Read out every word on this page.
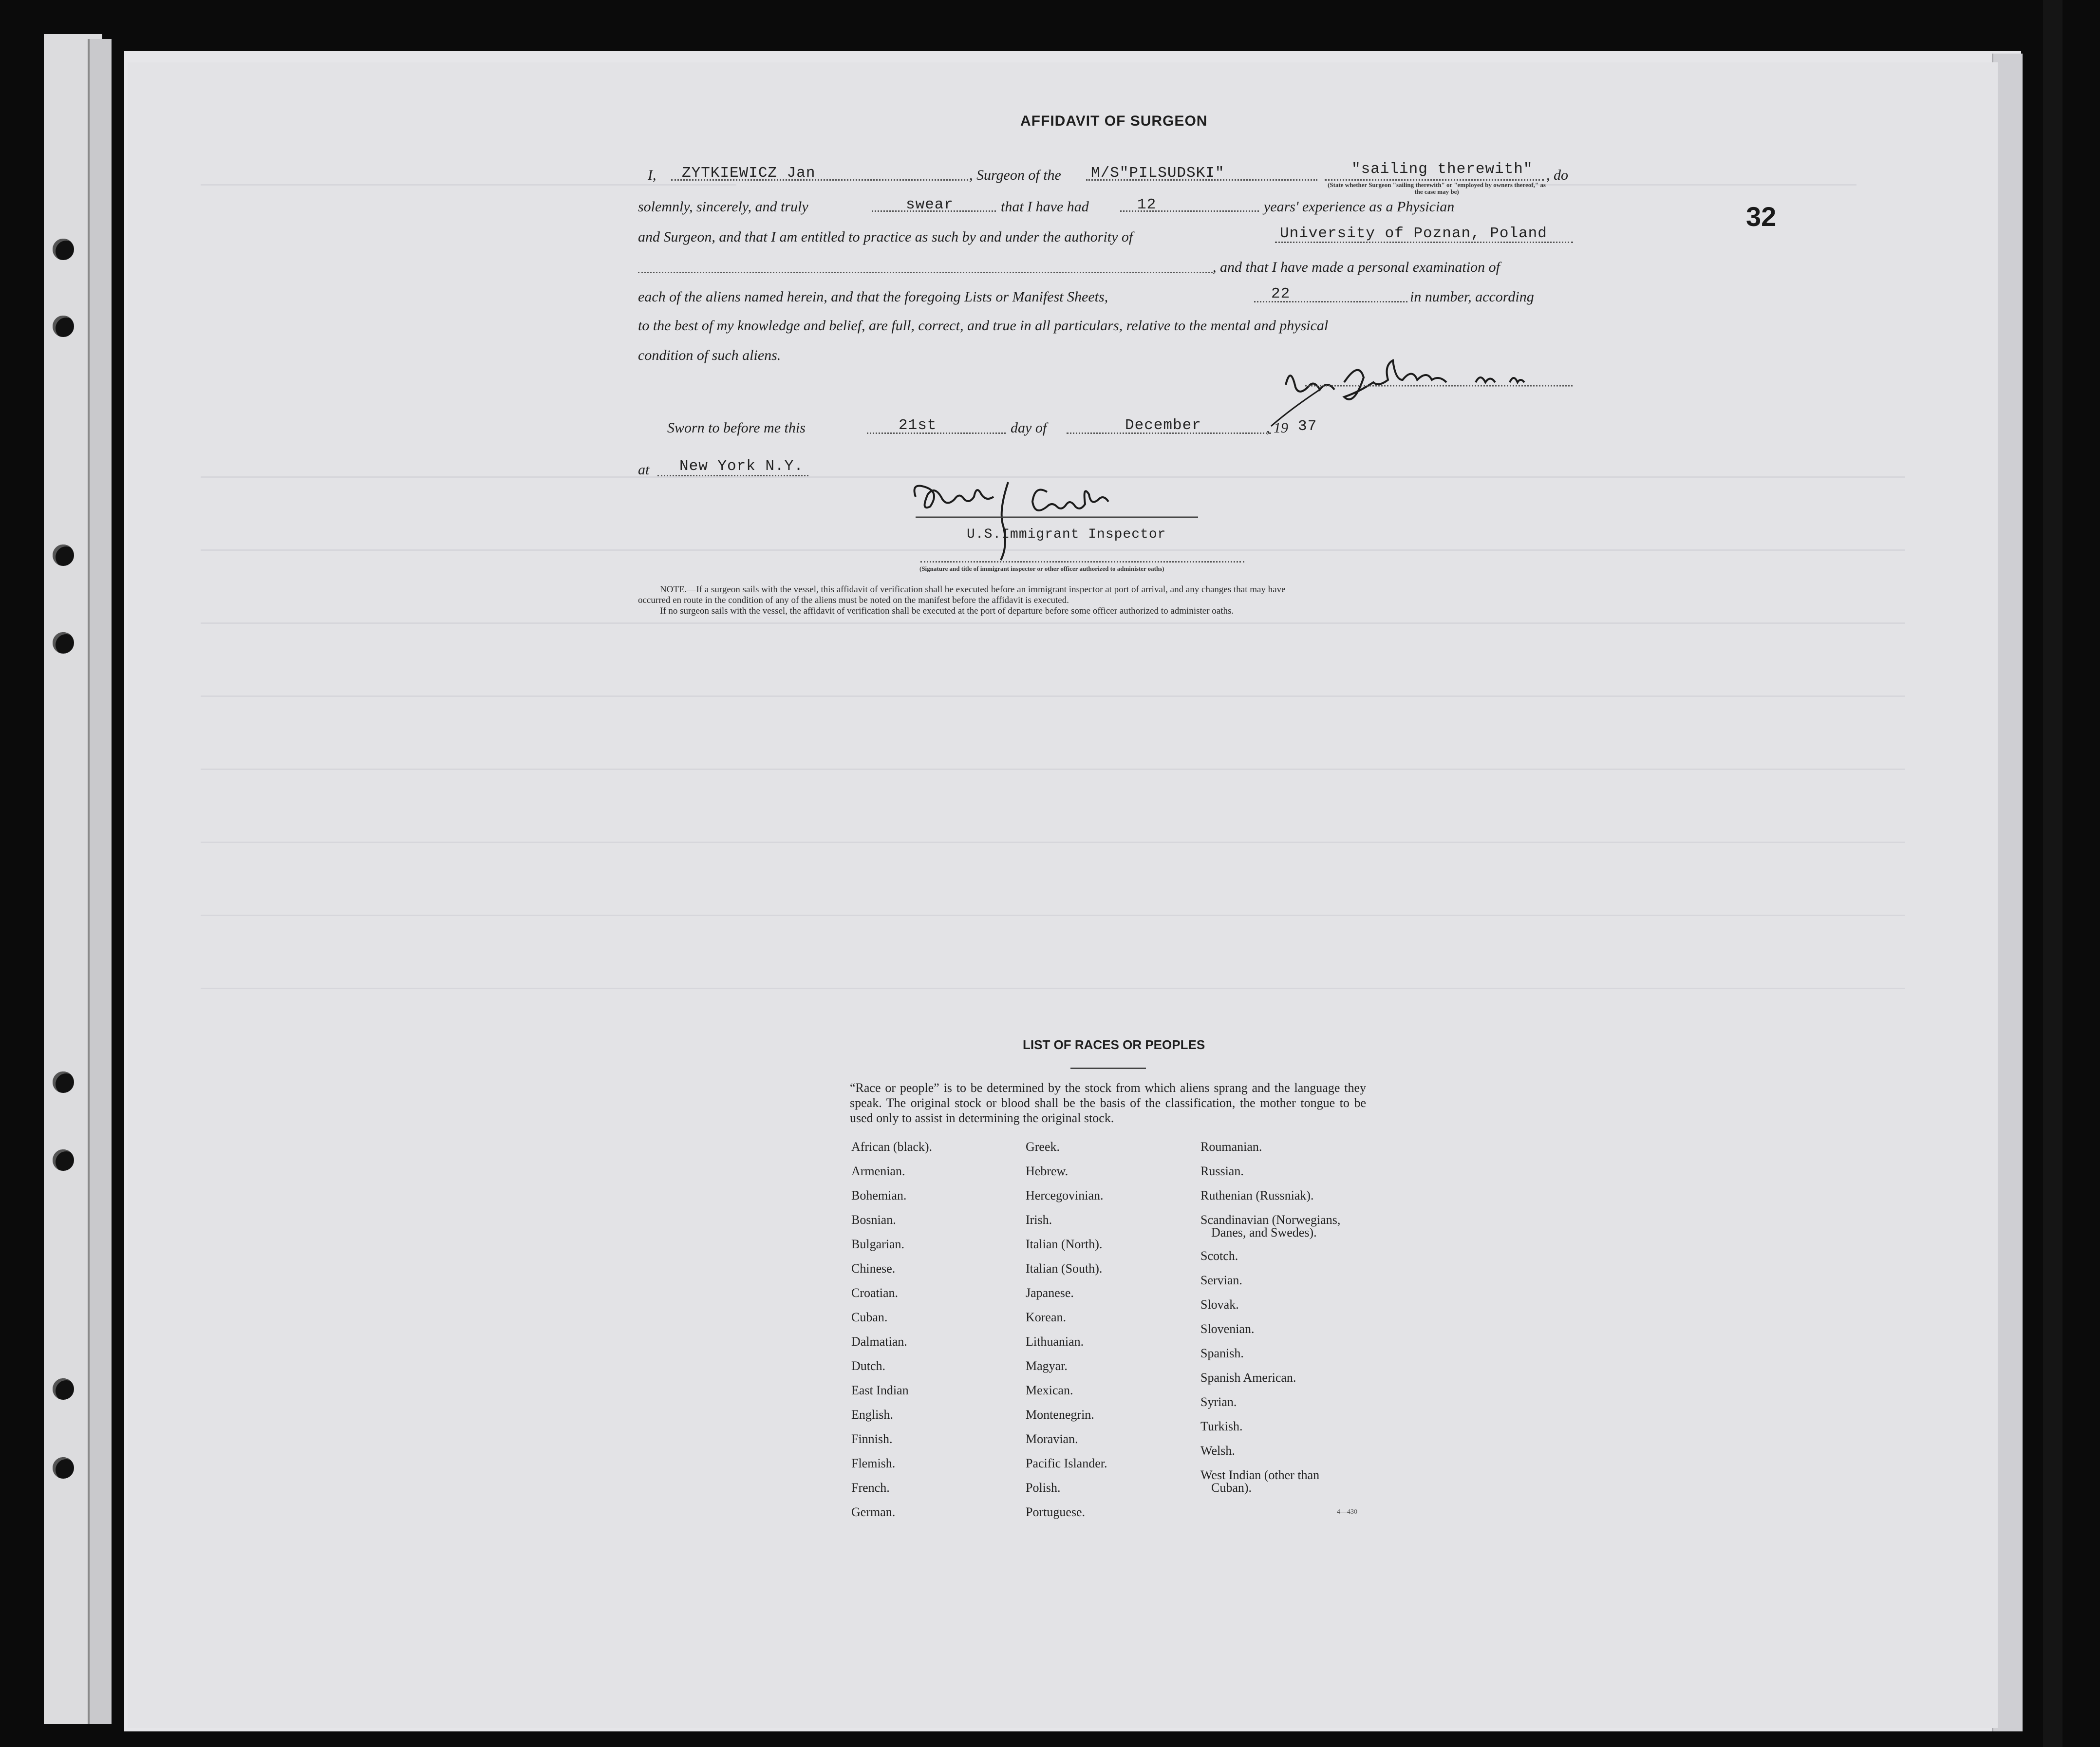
32
AFFIDAVIT OF SURGEON
I, ZYTKIEWICZ Jan	, Surgeon of the M/S"PILSUDSKI"	"sailing therewith" , do
(State whether Surgeon "sailing therewith" or "employed by owners thereof," as the case may be)
solemnly, sincerely, and truly	swear	that I have had	12	years' experience as a Physician
and Surgeon, and that I am entitled to practice as such by and under the authority of	University of Poznan, Poland
, and that I have made a personal examination of
each of the aliens named herein, and that the foregoing Lists or Manifest Sheets,	22	in number, according
to the best of my knowledge and belief, are full, correct, and true in all particulars, relative to the mental and physical
condition of such aliens.
Sworn to before me this	21st	day of	December	, 19 37
at New York N.Y.
U.S.Immigrant Inspector
(Signature and title of immigrant inspector or other officer authorized to administer oaths)
NOTE.—If a surgeon sails with the vessel, this affidavit of verification shall be executed before an immigrant inspector at port of arrival, and any changes that may have
occurred en route in the condition of any of the aliens must be noted on the manifest before the affidavit is executed.
If no surgeon sails with the vessel, the affidavit of verification shall be executed at the port of departure before some officer authorized to administer oaths.
LIST OF RACES OR PEOPLES
“Race or people” is to be determined by the stock from which aliens sprang and the language they speak. The original stock or blood shall be the basis of the classification, the mother tongue to be used only to assist in determining the original stock.
African (black).
Armenian.
Bohemian.
Bosnian.
Bulgarian.
Chinese.
Croatian.
Cuban.
Dalmatian.
Dutch.
East Indian
English.
Finnish.
Flemish.
French.
German.
Greek.
Hebrew.
Hercegovinian.
Irish.
Italian (North).
Italian (South).
Japanese.
Korean.
Lithuanian.
Magyar.
Mexican.
Montenegrin.
Moravian.
Pacific Islander.
Polish.
Portuguese.
Roumanian.
Russian.
Ruthenian (Russniak).
Scandinavian (Norwegians,
Danes, and Swedes).
Scotch.
Servian.
Slovak.
Slovenian.
Spanish.
Spanish American.
Syrian.
Turkish.
Welsh.
West Indian (other than
Cuban).
4—430
